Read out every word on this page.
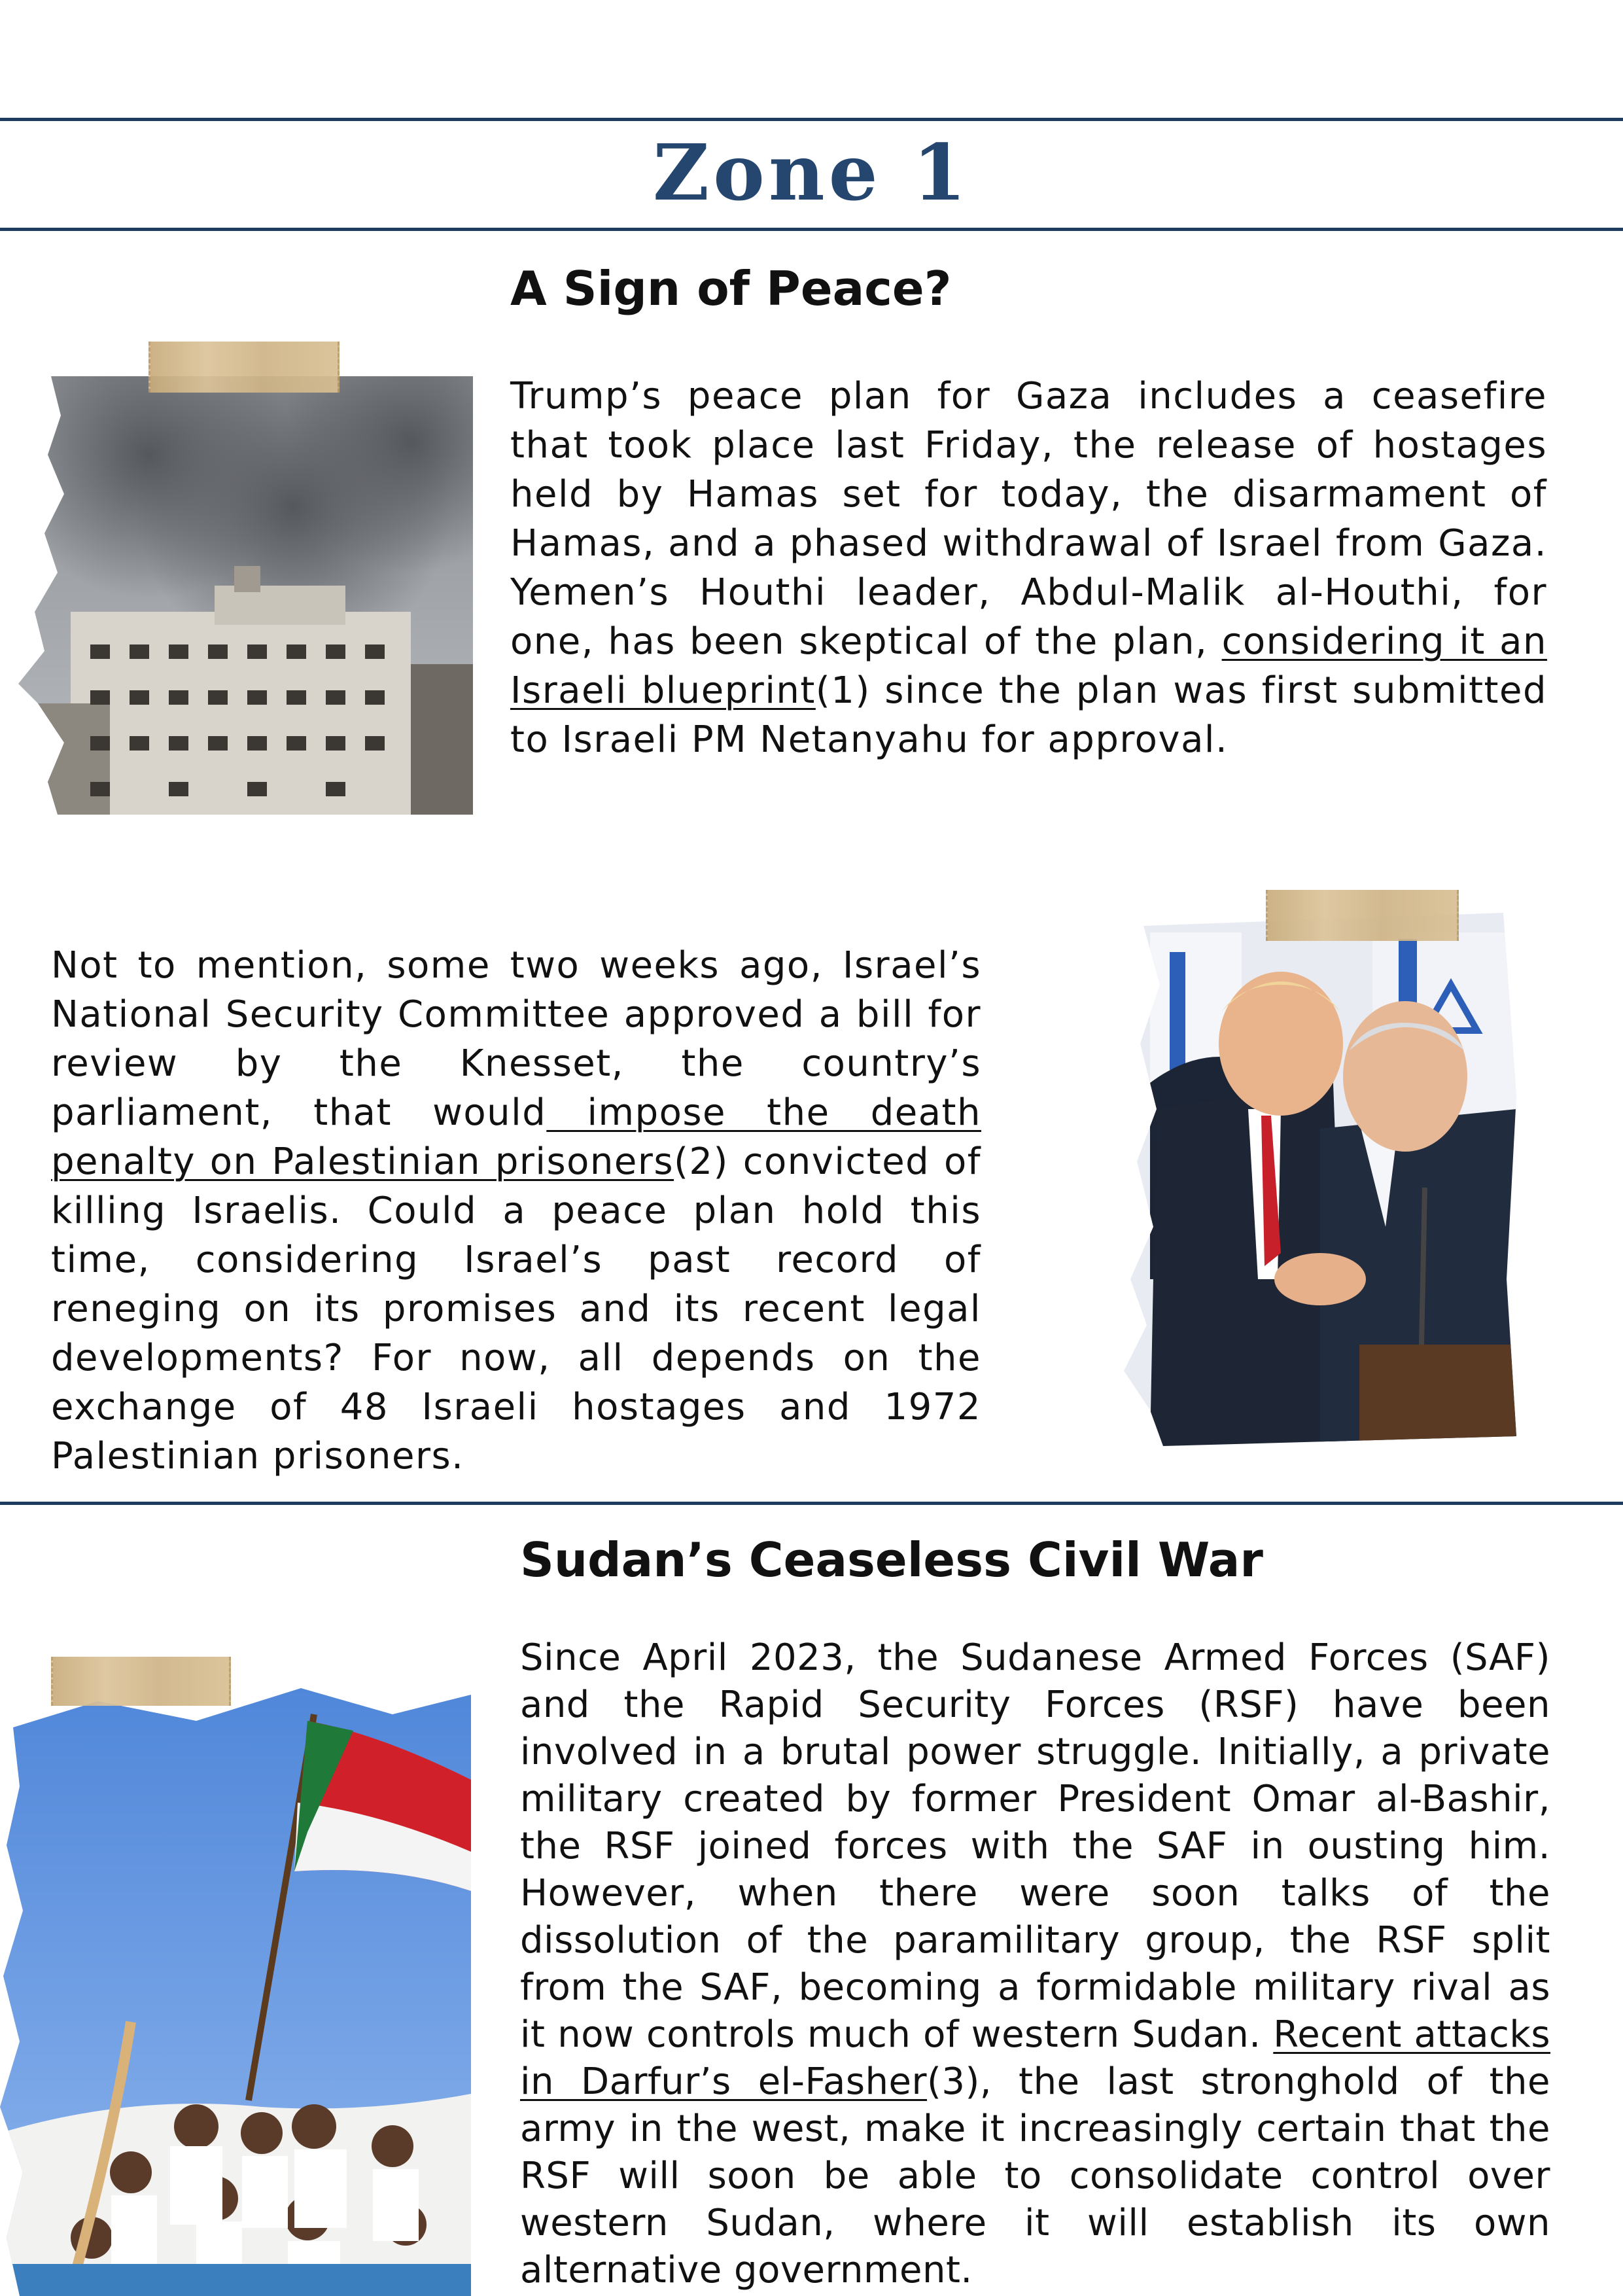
Zone 1
A Sign of Peace?

Trump’s peace plan for Gaza includes a ceasefire that took place last Friday, the release of hostages held by Hamas set for today, the disarmament of Hamas, and a phased withdrawal of Israel from Gaza. Yemen’s Houthi leader, Abdul-Malik al-Houthi, for one, has been skeptical of the plan, considering it an Israeli blueprint(1) since the plan was first submitted to Israeli PM Netanyahu for approval.

Not to mention, some two weeks ago, Israel’s National Security Committee approved a bill for review by the Knesset, the country’s parliament, that would impose the death penalty on Palestinian prisoners(2) convicted of killing Israelis. Could a peace plan hold this time, considering Israel’s past record of reneging on its promises and its recent legal developments? For now, all depends on the exchange of 48 Israeli hostages and 1972 Palestinian prisoners.

Sudan’s Ceaseless Civil War

Since April 2023, the Sudanese Armed Forces (SAF) and the Rapid Security Forces (RSF) have been involved in a brutal power struggle. Initially, a private military created by former President Omar al-Bashir, the RSF joined forces with the SAF in ousting him. However, when there were soon talks of the dissolution of the paramilitary group, the RSF split from the SAF, becoming a formidable military rival as it now controls much of western Sudan. Recent attacks in Darfur’s el-Fasher(3), the last stronghold of the army in the west, make it increasingly certain that the RSF will soon be able to consolidate control over western Sudan, where it will establish its own alternative government.
